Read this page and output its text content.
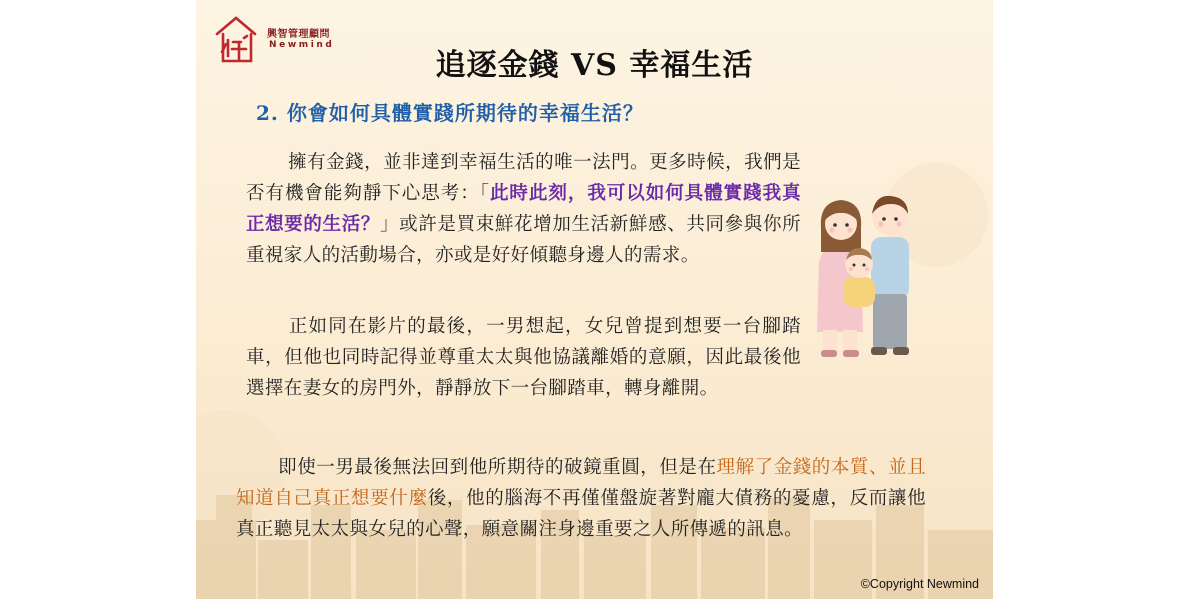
興智管理顧問
Newmind
追逐金錢 VS 幸福生活
2. 你會如何具體實踐所期待的幸福生活？
擁有金錢，並非達到幸福生活的唯一法門。更多時候，我們是否有機會能夠靜下心思考：「此時此刻，我可以如何具體實踐我真正想要的生活？」或許是買束鮮花增加生活新鮮感、共同參與你所重視家人的活動場合，亦或是好好傾聽身邊人的需求。
正如同在影片的最後，一男想起，女兒曾提到想要一台腳踏車，但他也同時記得並尊重太太與他協議離婚的意願，因此最後他選擇在妻女的房門外，靜靜放下一台腳踏車，轉身離開。
即使一男最後無法回到他所期待的破鏡重圓，但是在理解了金錢的本質、並且知道自己真正想要什麼後，他的腦海不再僅僅盤旋著對龐大債務的憂慮，反而讓他真正聽見太太與女兒的心聲，願意關注身邊重要之人所傳遞的訊息。
©Copyright Newmind
